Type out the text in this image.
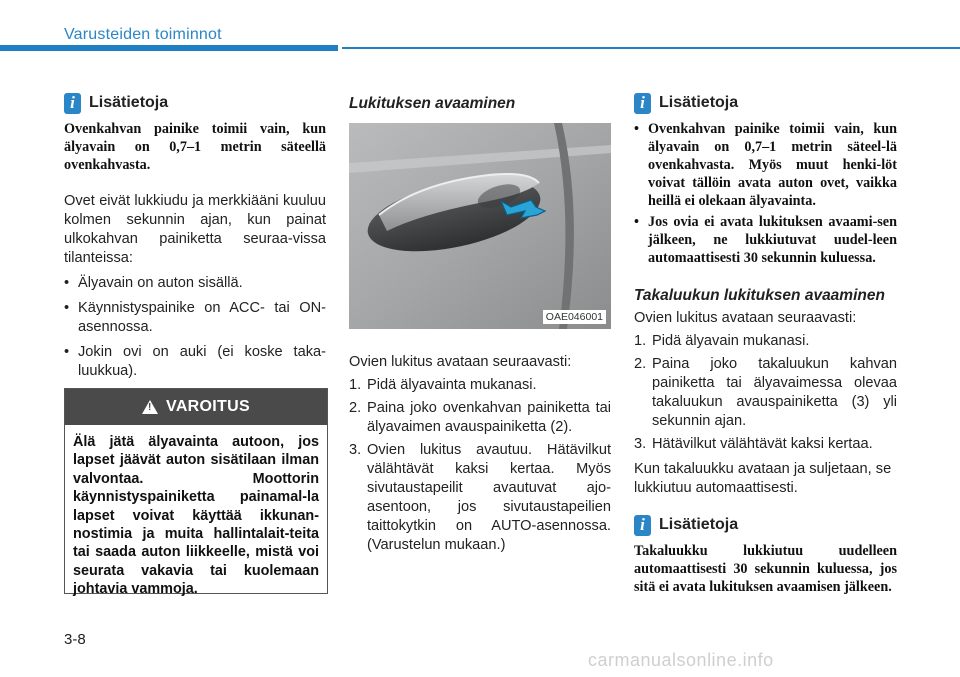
Varusteiden toiminnot
i Lisätietoja
Ovenkahvan painike toimii vain, kun älyavain on 0,7–1 metrin säteellä ovenkahvasta.
Ovet eivät lukkiudu ja merkkiääni kuuluu kolmen sekunnin ajan, kun painat ulkokahvan painiketta seuraa-vissa tilanteissa:
• Älyavain on auton sisällä.
• Käynnistyspainike on ACC- tai ON-asennossa.
• Jokin ovi on auki (ei koske taka-luukkua).
! VAROITUS
Älä jätä älyavainta autoon, jos lapset jäävät auton sisätilaan ilman valvontaa. Moottorin käynnistyspainiketta painamal-la lapset voivat käyttää ikkunan-nostimia ja muita hallintalait-teita tai saada auton liikkeelle, mistä voi seurata vakavia tai kuolemaan johtavia vammoja.
Lukituksen avaaminen
OAE046001
Ovien lukitus avataan seuraavasti:
1. Pidä älyavainta mukanasi.
2. Paina joko ovenkahvan painiketta tai älyavaimen avauspainiketta (2).
3. Ovien lukitus avautuu. Hätävilkut välähtävät kaksi kertaa. Myös sivutaustapeilit avautuvat ajo-asentoon, jos sivutaustapeilien taittokytkin on AUTO-asennossa. (Varustelun mukaan.)
i Lisätietoja
• Ovenkahvan painike toimii vain, kun älyavain on 0,7–1 metrin säteel-lä ovenkahvasta. Myös muut henki-löt voivat tällöin avata auton ovet, vaikka heillä ei olekaan älyavainta.
• Jos ovia ei avata lukituksen avaami-sen jälkeen, ne lukkiutuvat uudel-leen automaattisesti 30 sekunnin kuluessa.
Takaluukun lukituksen avaaminen
Ovien lukitus avataan seuraavasti:
1. Pidä älyavain mukanasi.
2. Paina joko takaluukun kahvan painiketta tai älyavaimessa olevaa takaluukun avauspainiketta (3) yli sekunnin ajan.
3. Hätävilkut välähtävät kaksi kertaa.
Kun takaluukku avataan ja suljetaan, se lukkiutuu automaattisesti.
i Lisätietoja
Takaluukku lukkiutuu uudelleen automaattisesti 30 sekunnin kuluessa, jos sitä ei avata lukituksen avaamisen jälkeen.
3-8
carmanualsonline.info
